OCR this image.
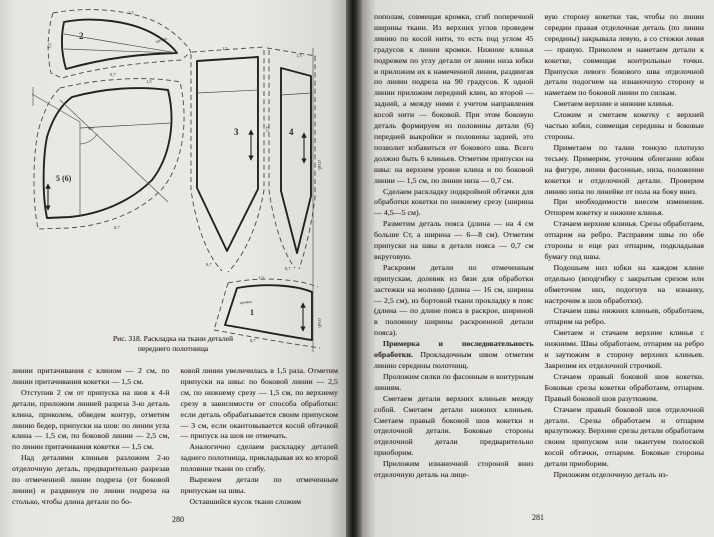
2
3	4
5 (6)
1
сгиб
сгиб
кромка
кромка
90°
1,5
1,5
0,7
1,5
0,7
1,5
1,5
2,5
0,7
0,7
1,5
0,7
Рис. 318. Раскладка на ткани деталей
переднего полотнища

линии притачивания с клином — 2 см, по линии притачивания кокетки — 1,5 см.

Отступив 2 см от припуска на шов к 4-й детали, приложим линией разреза 3-ю деталь клина, приколем, обведем контур, отметим линию бедер, припуски на шов: по линии угла клина — 1,5 см, по боковой линии — 2,5 см, по линии притачивания кокетки — 1,5 см.

Над деталями клиньев разложим 2-ю отделочную деталь, предварительно разрезав по отмеченной линии подреза (от боковой линии) и раздвинув по линии подреза на столько, чтобы длина детали по бо-

ковой линии увеличилась в 1,5 раза. Отметим припуски на швы: по боковой линии — 2,5 см, по нижнему срезу — 1,5 см, по верхнему срезу в зависимости от способа обработки: если деталь обрабатывается своим припуском — 3 см, если окантовывается косой обтачкой — припуск на шов не отмечать.

Аналогично сделаем раскладку деталей заднего полотнища, прикладывая их ко второй половине ткани по сгибу.

Вырежем детали по отмеченным припускам на швы.

Оставшийся кусок ткани сложим

280

пополам, совмещая кромки, сгиб поперечной ширины ткани. Из верхних углов проведем линию по косой нити, то есть под углом 45 градусов к линии кромки. Нижние клинья подрежем по углу детали от линии низа юбки и приложим их к намеченной линии, раздвигая по линии подреза на 90 градусов. К одной линии приложим передний клин, ко второй — задний, а между ними с учетом направления косой нити — боковой. При этом боковую деталь формируем из половины детали (6) передней выкройки и половины задней, это позволит избавиться от бокового шва. Всего должно быть 6 клиньев. Отметим припуски на швы: на верхнем уровне клина и по боковой линии — 1,5 см, по линии низа — 0,7 см.

Сделаем раскладку подкройной обтачки для обработки кокетки по нижнему срезу (ширина — 4,5—5 см).

Разметим деталь пояса (длина — на 4 см больше Ст, а ширина — 6—8 см). Отметим припуски на швы в детали пояса — 0,7 см вкруговую.

Раскроим детали по отмеченным припускам, долевик из бязи для обработки застежки на молнию (длина — 16 см, ширина — 2,5 см), из бортовой ткани прокладку в пояс (длина — по длине пояса в раскрое, шириной в половину ширины раскроенной детали пояса).

Примерка и последовательность обработки. Прокладочным швом отметим линию середины полотнищ.

Проложим силки по фасонным и контурным линиям.

Сметаем детали верхних клиньев между собой. Сметаем детали нижних клиньев. Сметаем правый боковой шов кокетки и отделочной детали. Боковые стороны отделочной детали предварительно приоборим.

Приложим изнаночной стороной вниз отделочную деталь на лице-

вую сторону кокетки так, чтобы по линии середин правая отделочная деталь (по линии середины) закрывала левую, а со стежки левая — правую. Приколем и наметаем детали к кокетке, совмещая контрольные точки. Припуски левого бокового шва отделочной детали подогнем на изнаночную сторону и наметаем по боковой линии по силкам.

Сметаем верхние и нижние клинья.

Сложим и сметаем кокетку с верхней частью юбки, совмещая середины и боковые стороны.

Приметаем по талии тонкую плотную тесьму. Примерим, уточним облегание юбки на фигуре, линии фасонные, низа, положение кокетки и отделочной детали. Проверим линию низа по линейке от пола на боку вниз.

При необходимости внесем изменения. Отпорем кокетку и нижние клинья.

Стачаем верхние клинья. Срезы обработаем, отпарим на ребро. Расправим швы по обе стороны и еще раз отпарим, подкладывая бумагу под швы.

Подошьем низ юбки на каждом клине отдельно (вподгибку с закрытым срезом или обметочим низ, подогнув на изнанку, настрочим в шов обработки).

Стачаем швы нижних клиньев, обработаем, отпарим на ребро.

Сметаем и стачаем верхние клинья с нижними. Швы обработаем, отпарим на ребро и заутюжим в сторону верхних клиньев. Закрепим их отделочной строчкой.

Стачаем правый боковой шов кокетки. Боковые срезы кокетки обработаем, отпарим. Правый боковой шов разутюжим.

Стачаем правый боковой шов отделочной детали. Срезы обработаем и отпарим вразутюжку. Верхние срезы детали обработаем своим припуском или окантуем полоской косой обтачки, отпарим. Боковые стороны детали приоборим.

Приложим отделочную деталь из-

281
